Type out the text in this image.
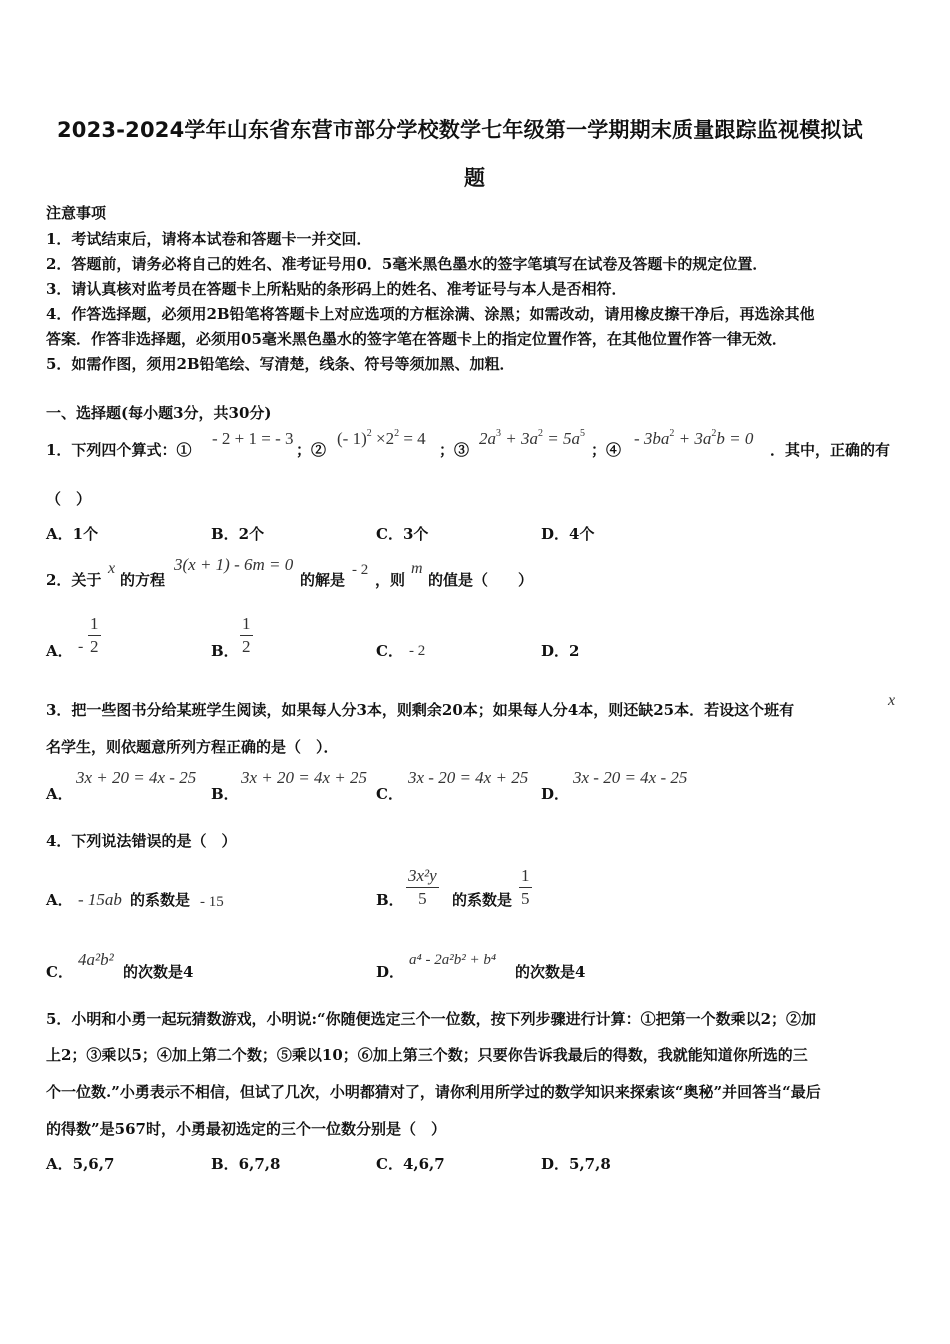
2023-2024学年山东省东营市部分学校数学七年级第一学期期末质量跟踪监视模拟试
题
注意事项
1．考试结束后，请将本试卷和答题卡一并交回．
2．答题前，请务必将自己的姓名、准考证号用0．5毫米黑色墨水的签字笔填写在试卷及答题卡的规定位置．
3．请认真核对监考员在答题卡上所粘贴的条形码上的姓名、准考证号与本人是否相符．
4．作答选择题，必须用2B铅笔将答题卡上对应选项的方框涂满、涂黑；如需改动，请用橡皮擦干净后，再选涂其他
答案．作答非选择题，必须用05毫米黑色墨水的签字笔在答题卡上的指定位置作答，在其他位置作答一律无效．
5．如需作图，须用2B铅笔绘、写清楚，线条、符号等须加黑、加粗．
一、选择题(每小题3分，共30分)
1．下列四个算式：①
- 2 + 1 = - 3
；②
(- $1)^2 \times 2^2 = 4$
；③
$2a^3 + 3a^2 = 5a^5$
；④
- $3ba^2 + 3a^2b = 0$
．其中，正确的有
（　）
A．1个	B．2个	C．3个	D．4个
2．关于
x
的方程
3(x + 1) - 6m = 0
的解是
- 2
，则
m
的值是（　　）
A． - $\frac{1}{2}$	B． $\frac{1}{2}$	C． - 2	D．2
3．把一些图书分给某班学生阅读，如果每人分3本，则剩余20本；如果每人分4本，则还缺25本．若设这个班有
x
名学生，则依题意所列方程正确的是（　）．
A．
3x + 20 = 4x - 25
B．
3x + 20 = 4x + 25
C．
3x - 20 = 4x + 25
D．
3x - 20 = 4x - 25
4．下列说法错误的是（　）
A． - 15ab 的系数是 - 15	B． $\frac{\text{3x²y}}{5}$ 的系数是 $\frac{1}{5}$
C．
4a²b²
的次数是4	D．
a⁴ - 2a²b² + b⁴
的次数是4
5．小明和小勇一起玩猜数游戏，小明说:“你随便选定三个一位数，按下列步骤进行计算：①把第一个数乘以2；②加
上2；③乘以5；④加上第二个数；⑤乘以10；⑥加上第三个数；只要你告诉我最后的得数，我就能知道你所选的三
个一位数.”小勇表示不相信，但试了几次，小明都猜对了，请你利用所学过的数学知识来探索该“奥秘”并回答当“最后
的得数”是567时，小勇最初选定的三个一位数分别是（　）
A．5,6,7	B．6,7,8	C．4,6,7	D．5,7,8
